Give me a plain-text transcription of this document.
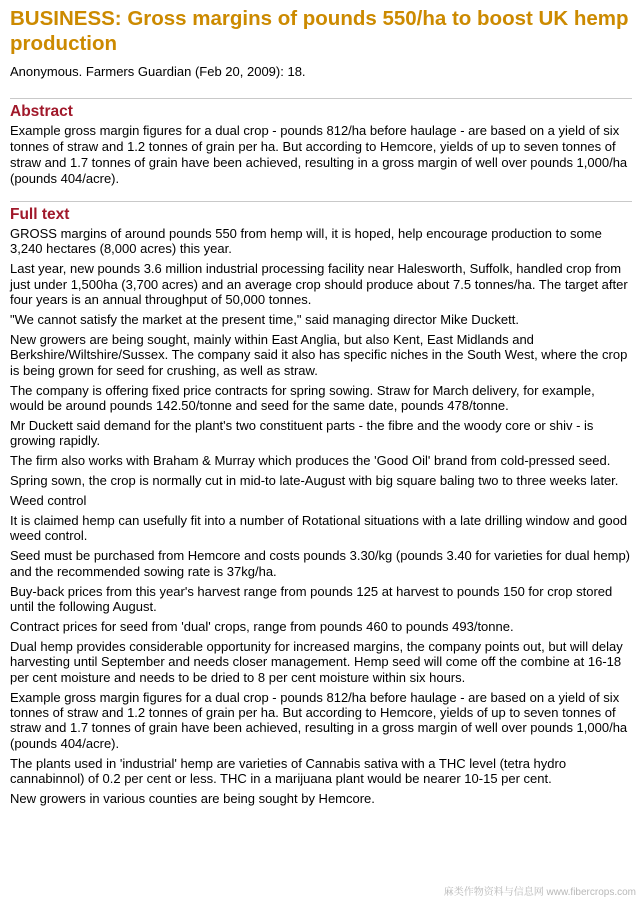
BUSINESS: Gross margins of pounds 550/ha to boost UK hemp production
Anonymous. Farmers Guardian (Feb 20, 2009): 18.
Abstract
Example gross margin figures for a dual crop - pounds 812/ha before haulage - are based on a yield of six tonnes of straw and 1.2 tonnes of grain per ha. But according to Hemcore, yields of up to seven tonnes of straw and 1.7 tonnes of grain have been achieved, resulting in a gross margin of well over pounds 1,000/ha (pounds 404/acre).
Full text

GROSS margins of around pounds 550 from hemp will, it is hoped, help encourage production to some 3,240 hectares (8,000 acres) this year.

Last year, new pounds 3.6 million industrial processing facility near Halesworth, Suffolk, handled crop from just under 1,500ha (3,700 acres) and an average crop should produce about 7.5 tonnes/ha. The target after four years is an annual throughput of 50,000 tonnes.

"We cannot satisfy the market at the present time," said managing director Mike Duckett.

New growers are being sought, mainly within East Anglia, but also Kent, East Midlands and Berkshire/Wiltshire/Sussex. The company said it also has specific niches in the South West, where the crop is being grown for seed for crushing, as well as straw.

The company is offering fixed price contracts for spring sowing. Straw for March delivery, for example, would be around pounds 142.50/tonne and seed for the same date, pounds 478/tonne.

Mr Duckett said demand for the plant's two constituent parts - the fibre and the woody core or shiv - is growing rapidly.

The firm also works with Braham & Murray which produces the 'Good Oil' brand from cold-pressed seed.

Spring sown, the crop is normally cut in mid-to late-August with big square baling two to three weeks later.

Weed control

It is claimed hemp can usefully fit into a number of Rotational situations with a late drilling window and good weed control.

Seed must be purchased from Hemcore and costs pounds 3.30/kg (pounds 3.40 for varieties for dual hemp) and the recommended sowing rate is 37kg/ha.

Buy-back prices from this year's harvest range from pounds 125 at harvest to pounds 150 for crop stored until the following August.

Contract prices for seed from 'dual' crops, range from pounds 460 to pounds 493/tonne.

Dual hemp provides considerable opportunity for increased margins, the company points out, but will delay harvesting until September and needs closer management. Hemp seed will come off the combine at 16-18 per cent moisture and needs to be dried to 8 per cent moisture within six hours.

Example gross margin figures for a dual crop - pounds 812/ha before haulage - are based on a yield of six tonnes of straw and 1.2 tonnes of grain per ha. But according to Hemcore, yields of up to seven tonnes of straw and 1.7 tonnes of grain have been achieved, resulting in a gross margin of well over pounds 1,000/ha (pounds 404/acre).

The plants used in 'industrial' hemp are varieties of Cannabis sativa with a THC level (tetra hydro cannabinnol) of 0.2 per cent or less. THC in a marijuana plant would be nearer 10-15 per cent.

New growers in various counties are being sought by Hemcore.

麻类作物资料与信息网 www.fibercrops.com
